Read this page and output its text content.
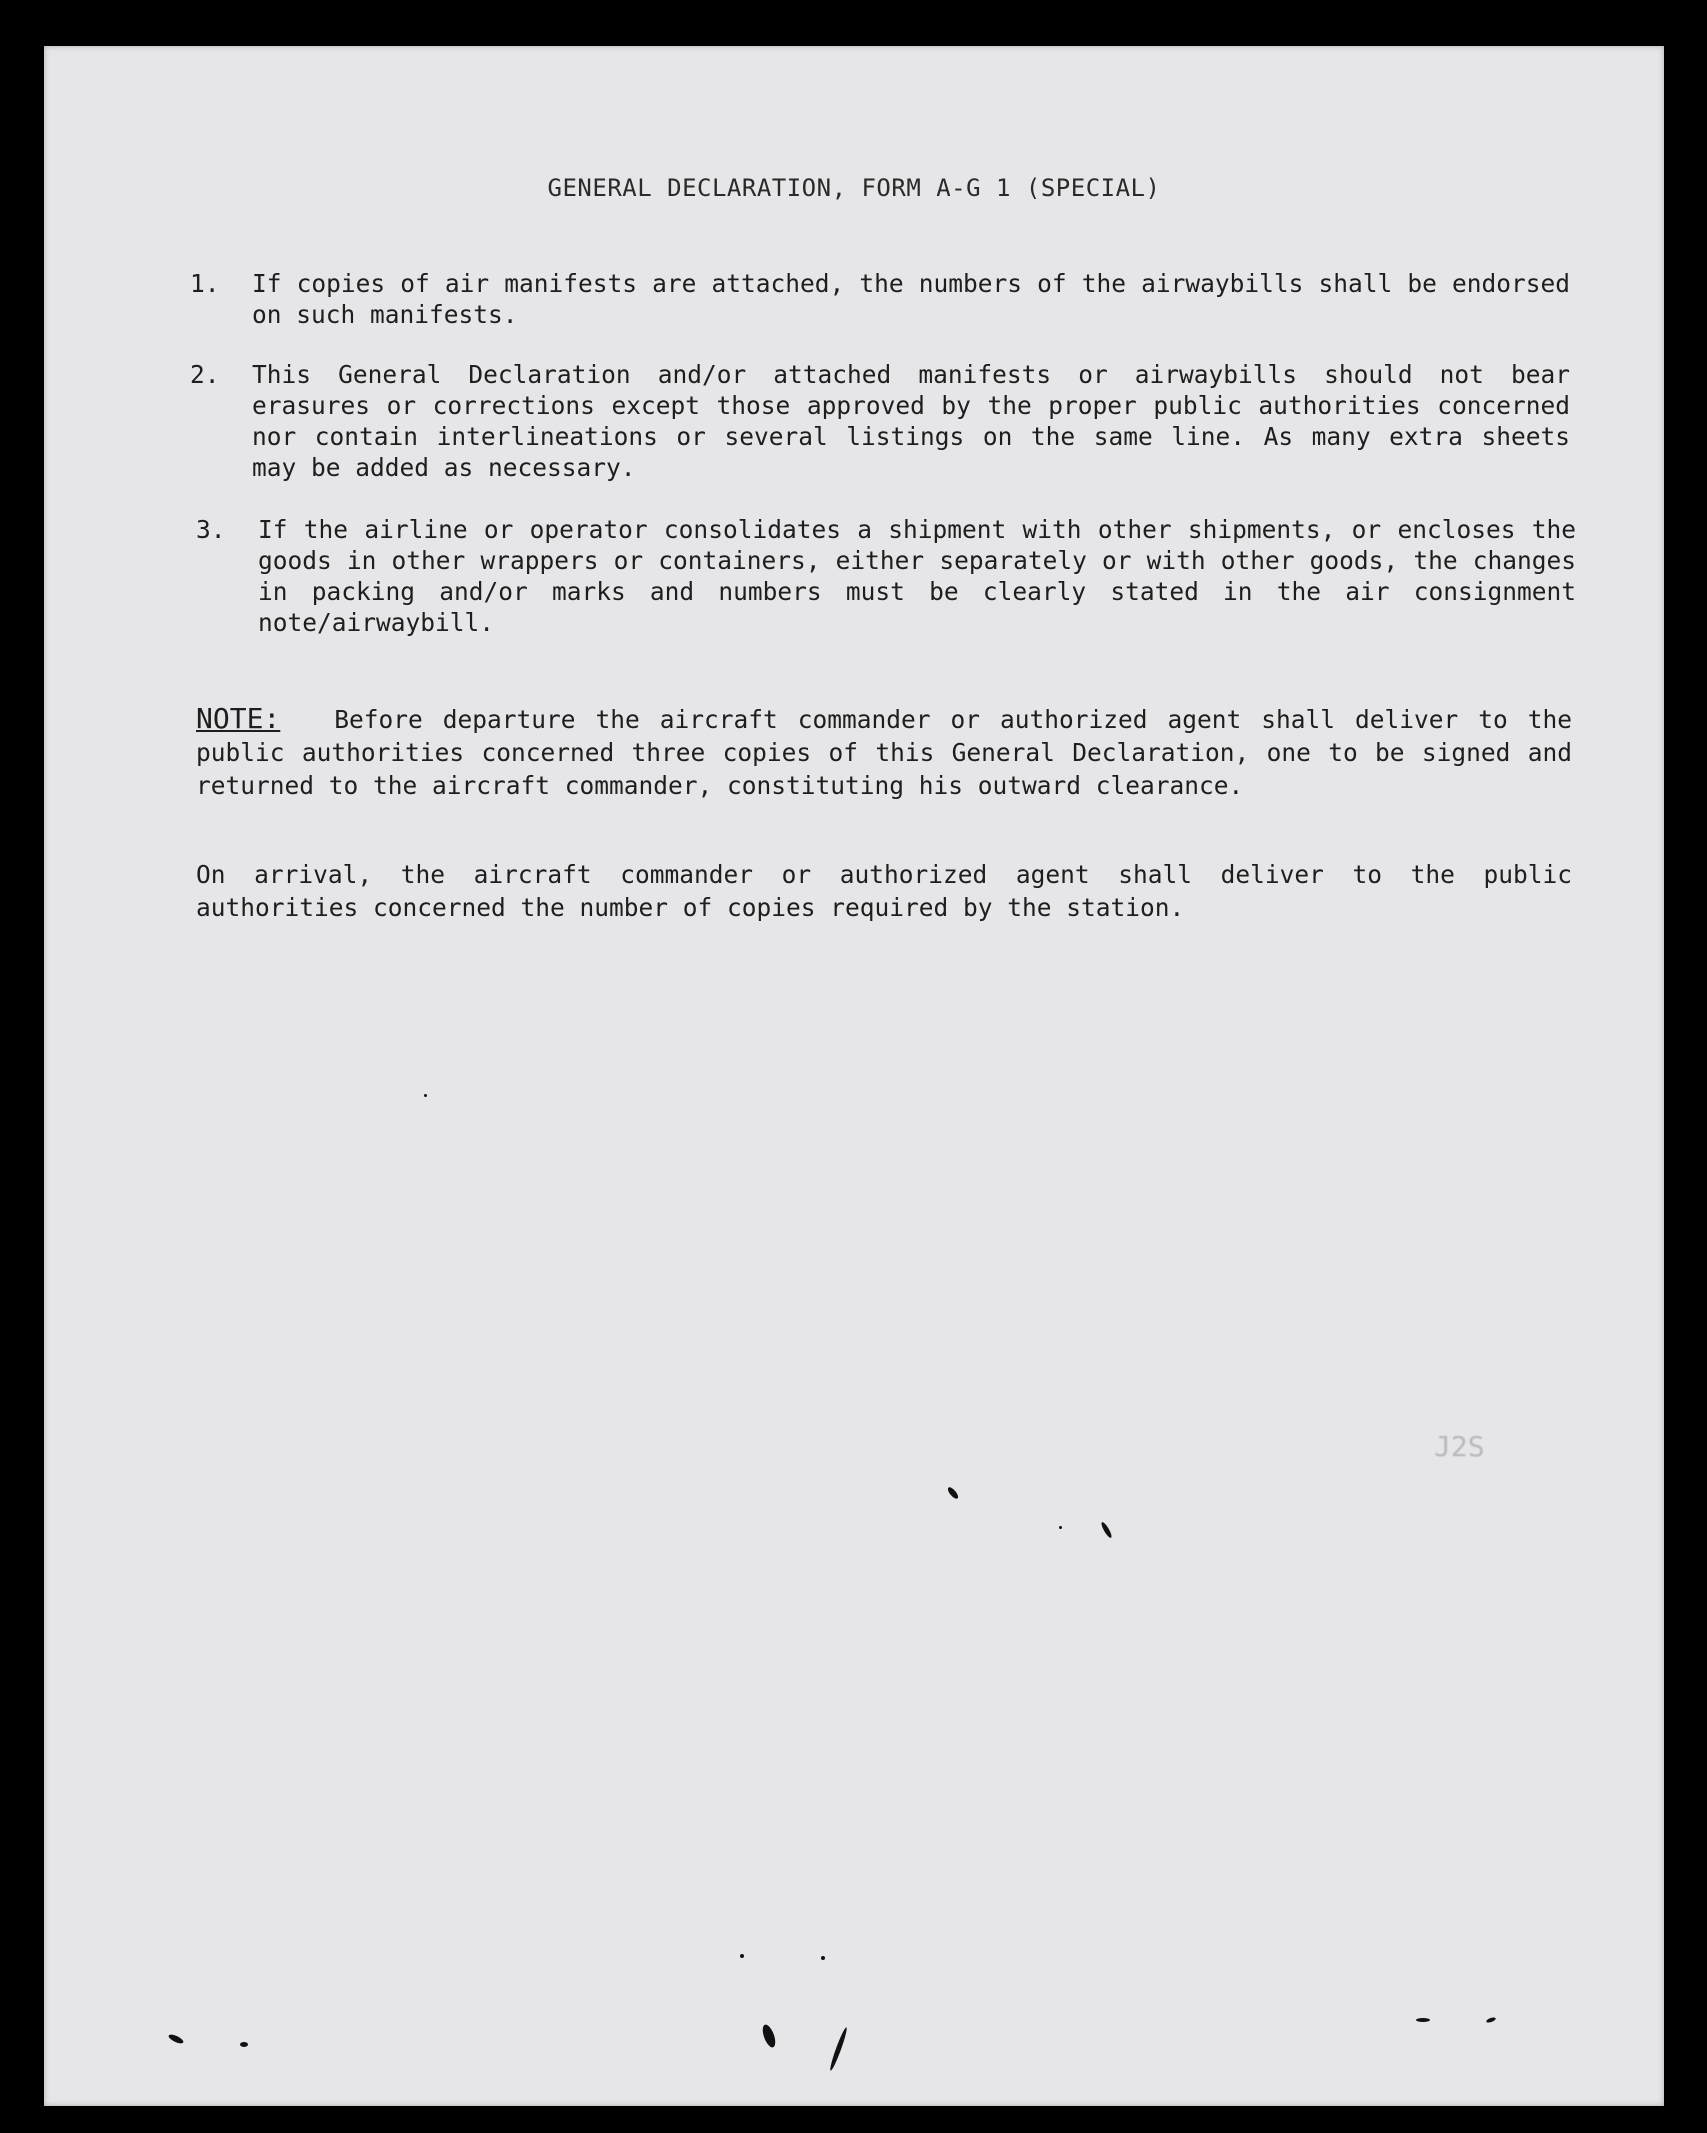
GENERAL DECLARATION, FORM A-G 1 (SPECIAL)
1.	If copies of air manifests are attached, the numbers of the airwaybills shall be endorsed on such manifests.
2.	This General Declaration and/or attached manifests or airwaybills should not bear erasures or corrections except those approved by the proper public authorities concerned nor contain interlineations or several listings on the same line. As many extra sheets may be added as necessary.
3.	If the airline or operator consolidates a shipment with other shipments, or encloses the goods in other wrappers or containers, either separately or with other goods, the changes in packing and/or marks and numbers must be clearly stated in the air consignment note/airwaybill.
NOTE: Before departure the aircraft commander or authorized agent shall deliver to the public authorities concerned three copies of this General Declaration, one to be signed and returned to the aircraft commander, constituting his outward clearance.
On arrival, the aircraft commander or authorized agent shall deliver to the public authorities concerned the number of copies required by the station.
J2S
